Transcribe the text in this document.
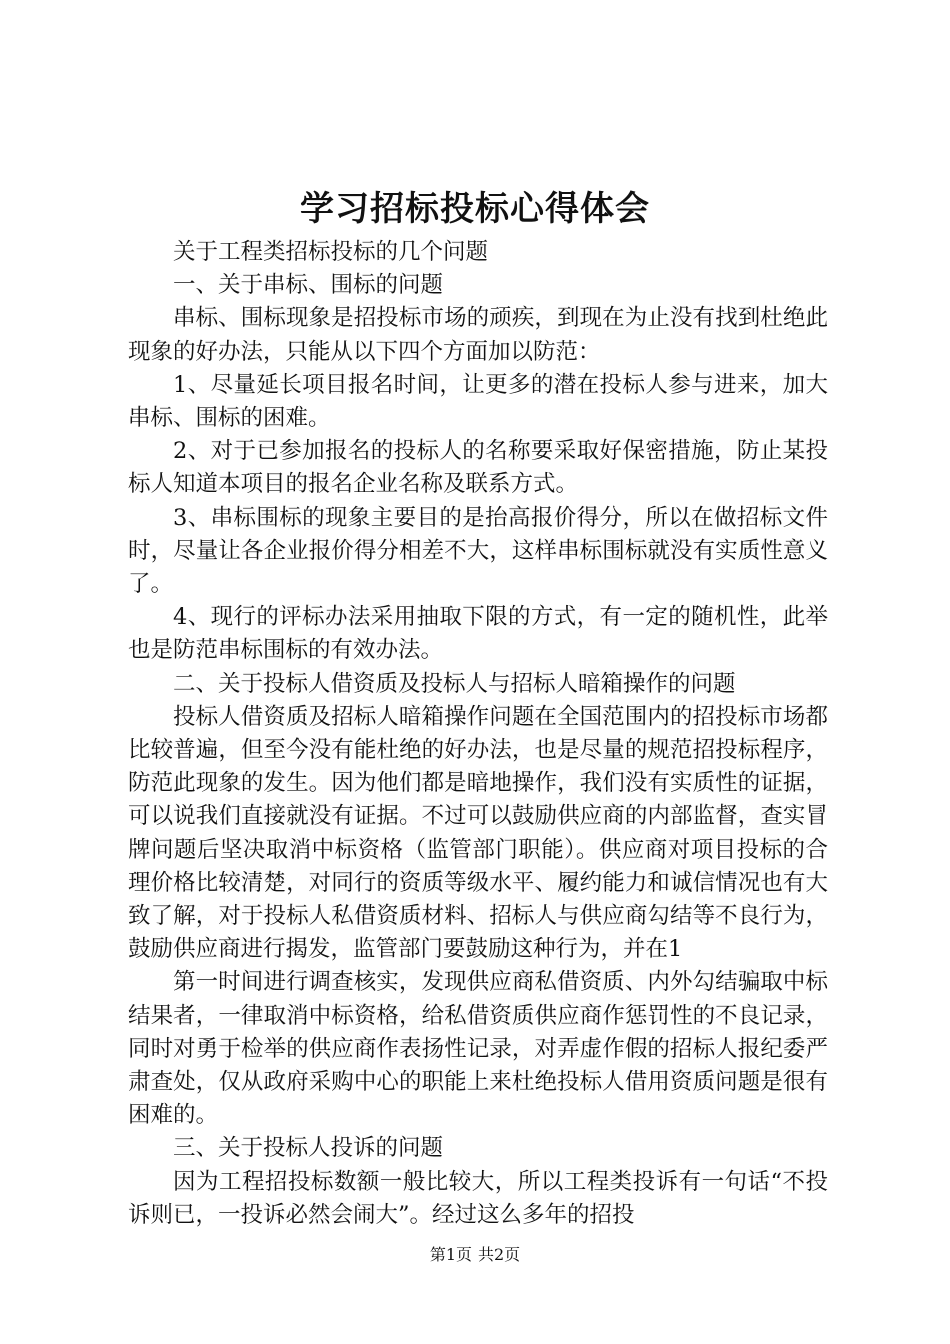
学习招标投标心得体会

关于工程类招标投标的几个问题

一、关于串标、围标的问题

串标、围标现象是招投标市场的顽疾，到现在为止没有找到杜绝此现象的好办法，只能从以下四个方面加以防范：

1、尽量延长项目报名时间，让更多的潜在投标人参与进来，加大串标、围标的困难。

2、对于已参加报名的投标人的名称要采取好保密措施，防止某投标人知道本项目的报名企业名称及联系方式。

3、串标围标的现象主要目的是抬高报价得分，所以在做招标文件时，尽量让各企业报价得分相差不大，这样串标围标就没有实质性意义了。

4、现行的评标办法采用抽取下限的方式，有一定的随机性，此举也是防范串标围标的有效办法。

二、关于投标人借资质及投标人与招标人暗箱操作的问题

投标人借资质及招标人暗箱操作问题在全国范围内的招投标市场都比较普遍，但至今没有能杜绝的好办法，也是尽量的规范招投标程序，防范此现象的发生。因为他们都是暗地操作，我们没有实质性的证据，可以说我们直接就没有证据。不过可以鼓励供应商的内部监督，查实冒牌问题后坚决取消中标资格（监管部门职能）。供应商对项目投标的合理价格比较清楚，对同行的资质等级水平、履约能力和诚信情况也有大致了解，对于投标人私借资质材料、招标人与供应商勾结等不良行为，鼓励供应商进行揭发，监管部门要鼓励这种行为，并在1

第一时间进行调查核实，发现供应商私借资质、内外勾结骗取中标结果者，一律取消中标资格，给私借资质供应商作惩罚性的不良记录，同时对勇于检举的供应商作表扬性记录，对弄虚作假的招标人报纪委严肃查处，仅从政府采购中心的职能上来杜绝投标人借用资质问题是很有困难的。

三、关于投标人投诉的问题

因为工程招投标数额一般比较大，所以工程类投诉有一句话“不投诉则已，一投诉必然会闹大”。经过这么多年的招投

第1页 共2页
